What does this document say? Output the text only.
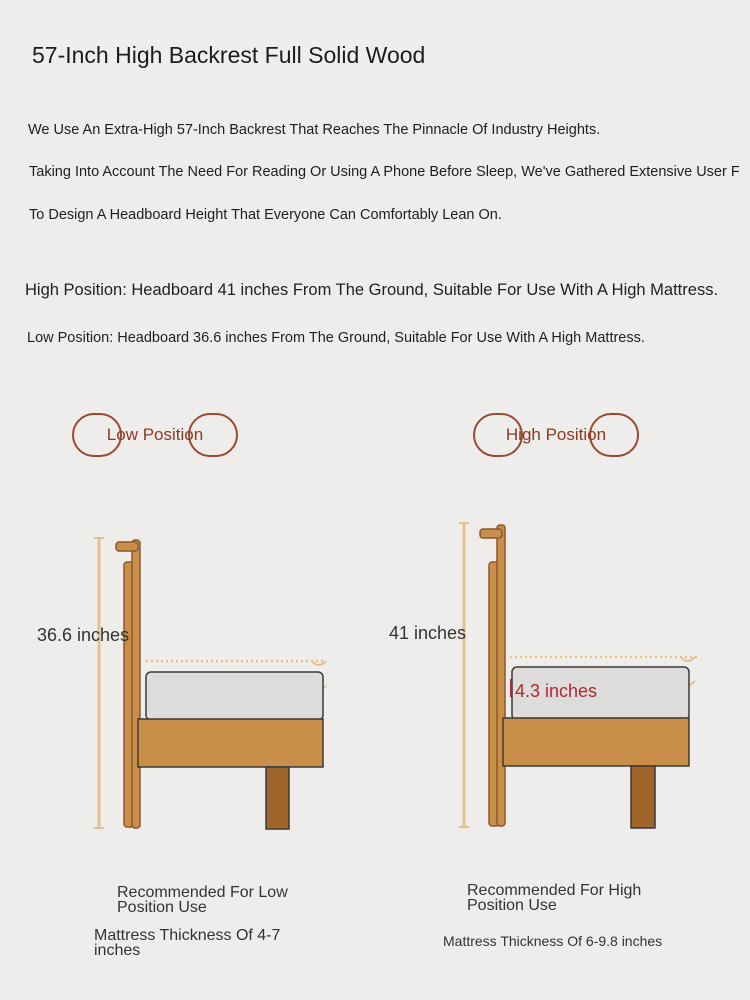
57-Inch High Backrest Full Solid Wood
We Use An Extra-High 57-Inch Backrest That Reaches The Pinnacle Of Industry Heights.
Taking Into Account The Need For Reading Or Using A Phone Before Sleep, We've Gathered Extensive User F
To Design A Headboard Height That Everyone Can Comfortably Lean On.
High Position: Headboard 41 inches From The Ground, Suitable For Use With A High Mattress.
Low Position: Headboard 36.6 inches From The Ground, Suitable For Use With A High Mattress.
Low Position	High Position
36.6 inches
Recommended For Low Position Use
Mattress Thickness Of 4-7 inches
41 inches
4.3 inches
Recommended For High Position Use
Mattress Thickness Of 6-9.8 inches
